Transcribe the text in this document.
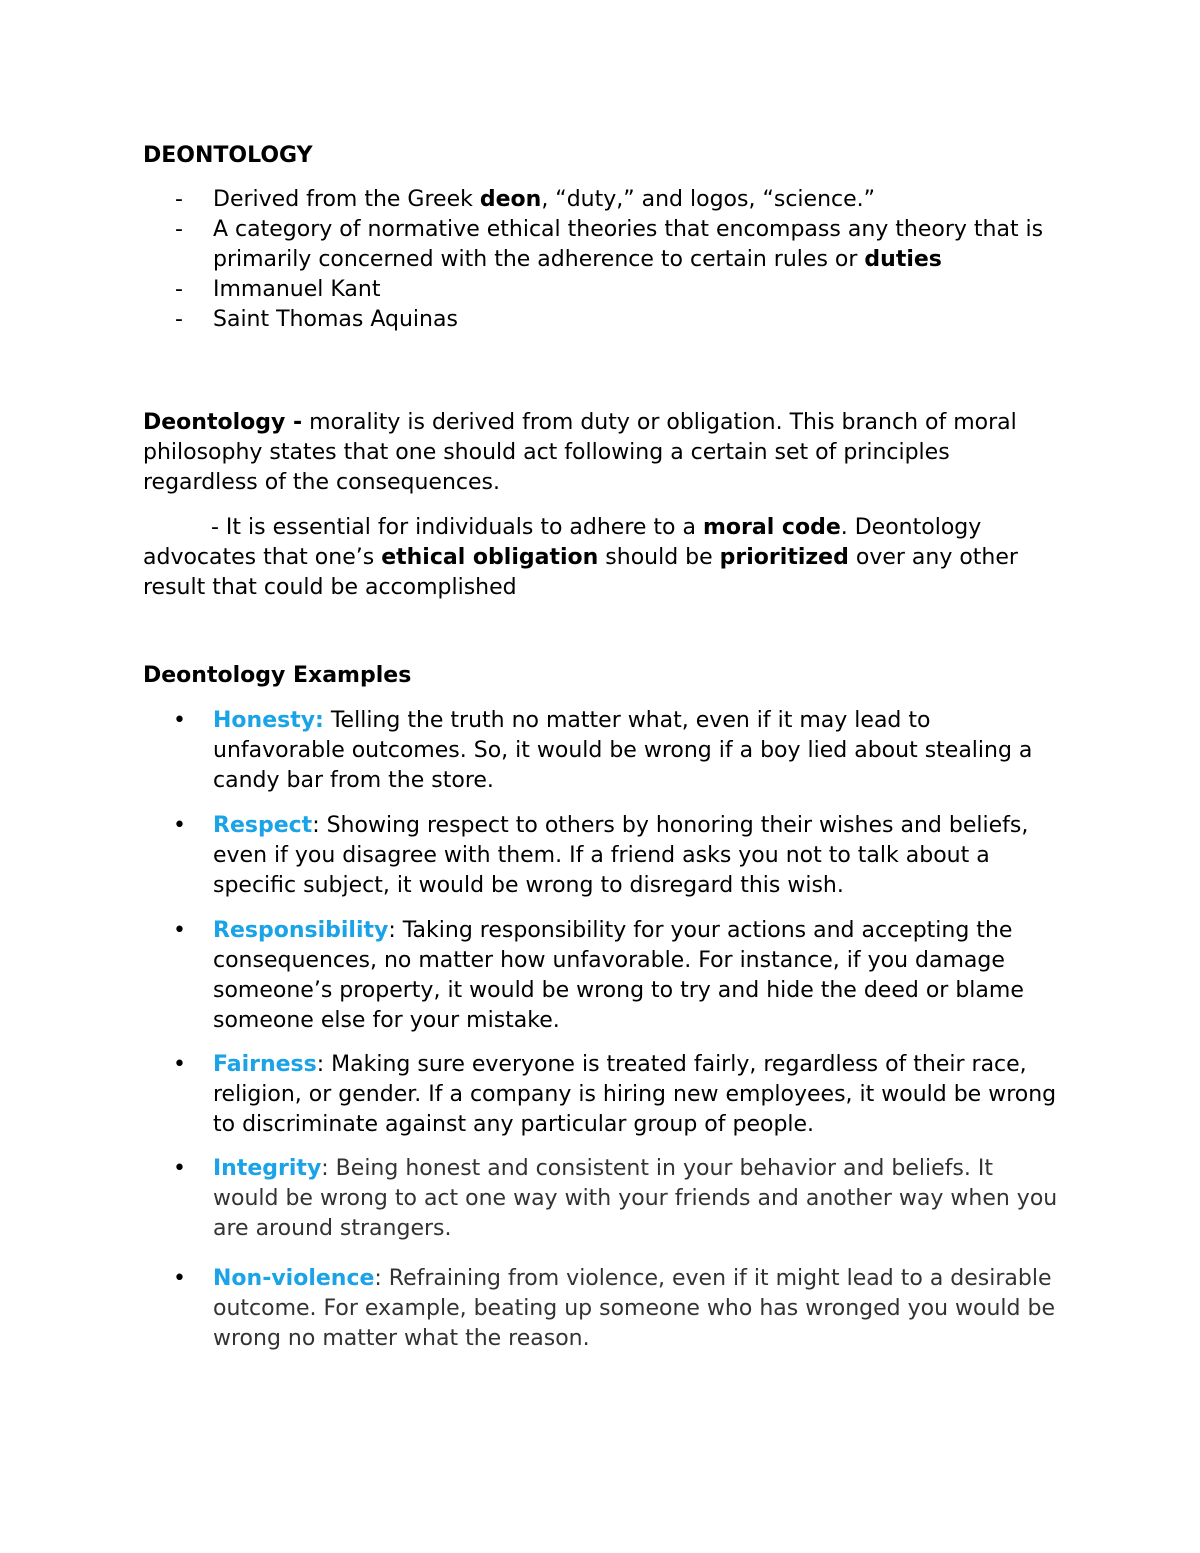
DEONTOLOGY
- Derived from the Greek deon, “duty,” and logos, “science.”
- A category of normative ethical theories that encompass any theory that is primarily concerned with the adherence to certain rules or duties
- Immanuel Kant
- Saint Thomas Aquinas

Deontology - morality is derived from duty or obligation. This branch of moral philosophy states that one should act following a certain set of principles regardless of the consequences.

- It is essential for individuals to adhere to a moral code. Deontology advocates that one’s ethical obligation should be prioritized over any other result that could be accomplished

Deontology Examples
• Honesty: Telling the truth no matter what, even if it may lead to unfavorable outcomes. So, it would be wrong if a boy lied about stealing a candy bar from the store.
• Respect: Showing respect to others by honoring their wishes and beliefs, even if you disagree with them. If a friend asks you not to talk about a specific subject, it would be wrong to disregard this wish.
• Responsibility: Taking responsibility for your actions and accepting the consequences, no matter how unfavorable. For instance, if you damage someone’s property, it would be wrong to try and hide the deed or blame someone else for your mistake.
• Fairness: Making sure everyone is treated fairly, regardless of their race, religion, or gender. If a company is hiring new employees, it would be wrong to discriminate against any particular group of people.
• Integrity: Being honest and consistent in your behavior and beliefs. It would be wrong to act one way with your friends and another way when you are around strangers.
• Non-violence: Refraining from violence, even if it might lead to a desirable outcome. For example, beating up someone who has wronged you would be wrong no matter what the reason.
